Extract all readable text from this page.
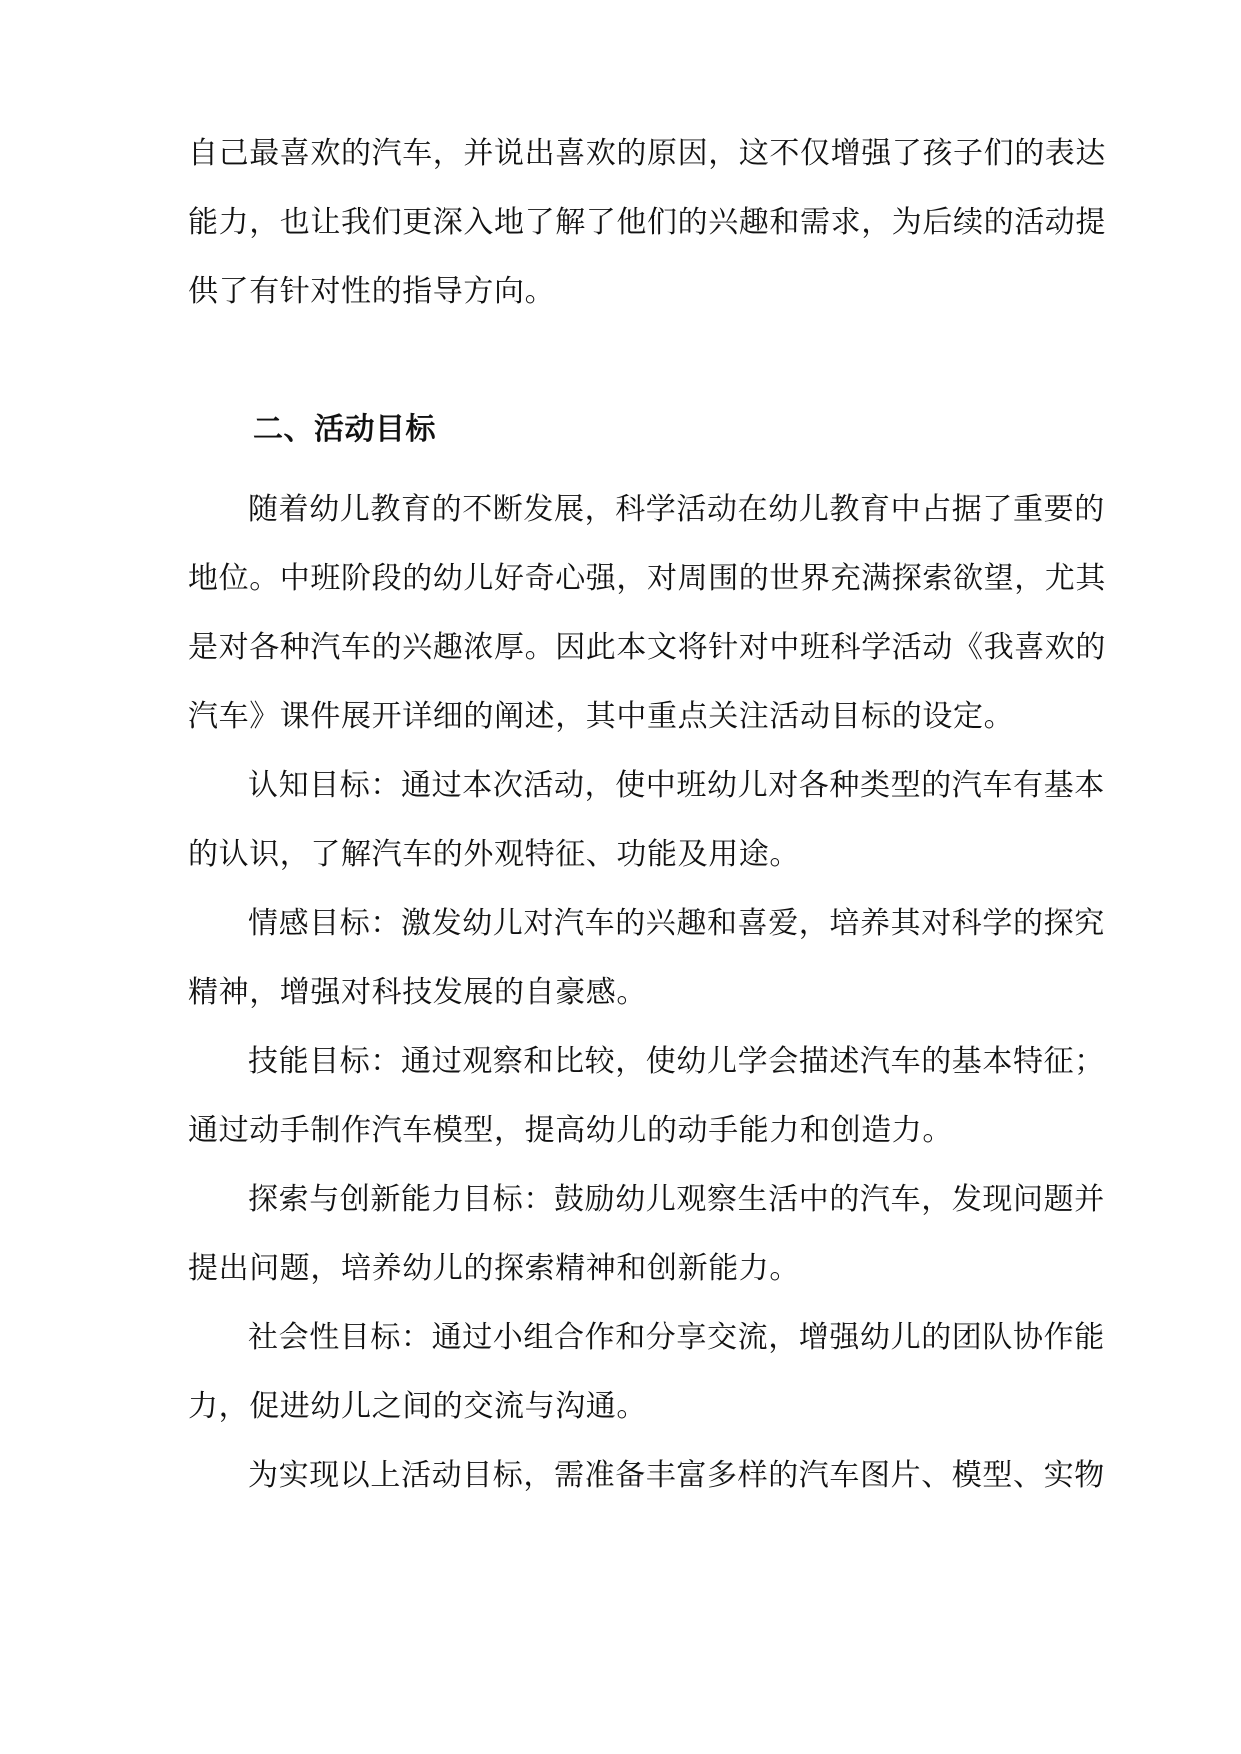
自己最喜欢的汽车，并说出喜欢的原因，这不仅增强了孩子们的表达

能力，也让我们更深入地了解了他们的兴趣和需求，为后续的活动提

供了有针对性的指导方向。

二、活动目标

随着幼儿教育的不断发展，科学活动在幼儿教育中占据了重要的

地位。中班阶段的幼儿好奇心强，对周围的世界充满探索欲望，尤其

是对各种汽车的兴趣浓厚。因此本文将针对中班科学活动《我喜欢的

汽车》课件展开详细的阐述，其中重点关注活动目标的设定。

认知目标：通过本次活动，使中班幼儿对各种类型的汽车有基本

的认识，了解汽车的外观特征、功能及用途。

情感目标：激发幼儿对汽车的兴趣和喜爱，培养其对科学的探究

精神，增强对科技发展的自豪感。

技能目标：通过观察和比较，使幼儿学会描述汽车的基本特征；

通过动手制作汽车模型，提高幼儿的动手能力和创造力。

探索与创新能力目标：鼓励幼儿观察生活中的汽车，发现问题并

提出问题，培养幼儿的探索精神和创新能力。

社会性目标：通过小组合作和分享交流，增强幼儿的团队协作能

力，促进幼儿之间的交流与沟通。

为实现以上活动目标，需准备丰富多样的汽车图片、模型、实物
